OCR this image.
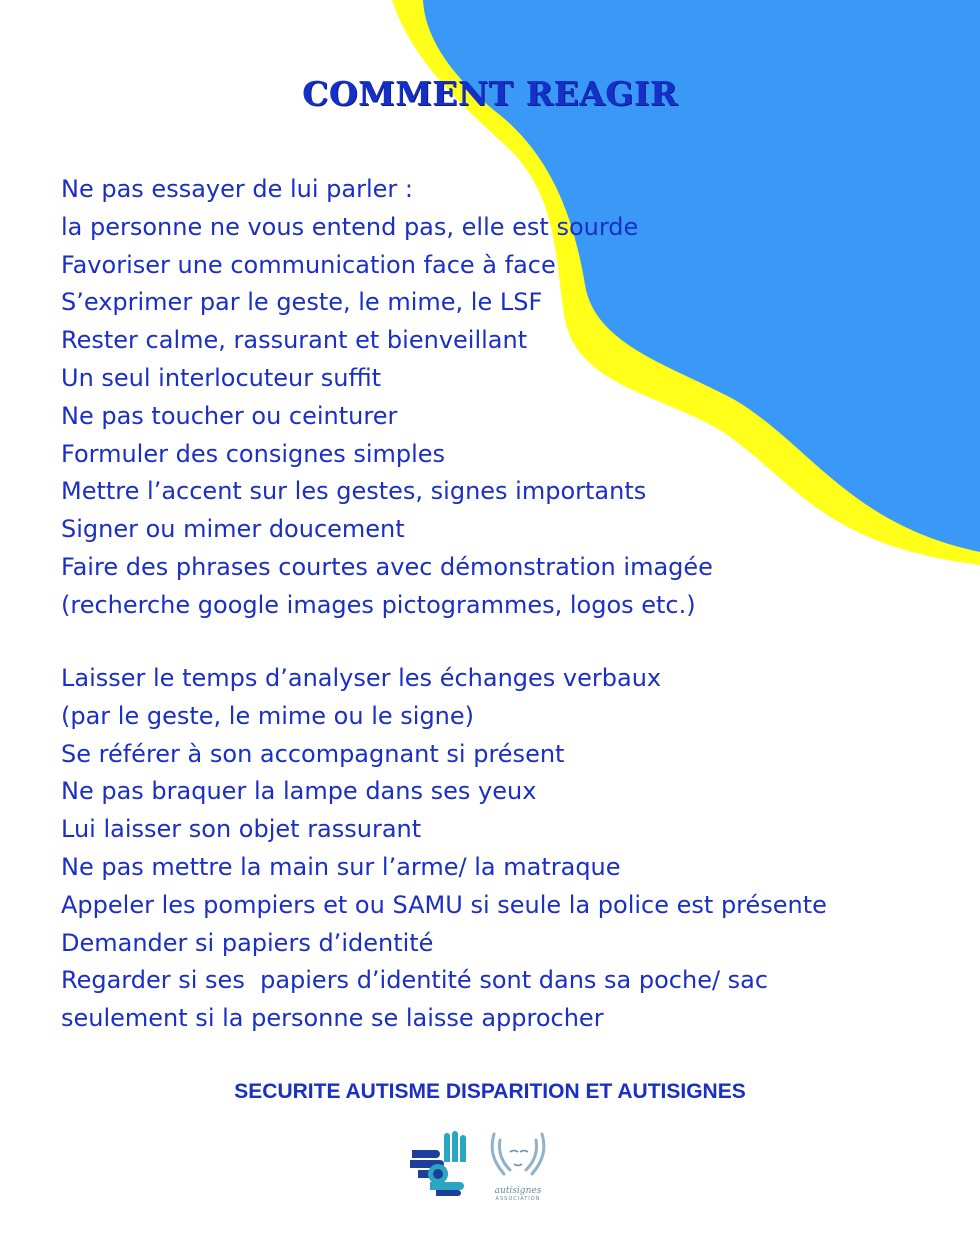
COMMENT REAGIR
Ne pas essayer de lui parler :
la personne ne vous entend pas, elle est sourde
Favoriser une communication face à face
S’exprimer par le geste, le mime, le LSF
Rester calme, rassurant et bienveillant
Un seul interlocuteur suffit
Ne pas toucher ou ceinturer
Formuler des consignes simples
Mettre l’accent sur les gestes, signes importants
Signer ou mimer doucement
Faire des phrases courtes avec démonstration imagée
(recherche google images pictogrammes, logos etc.)
Laisser le temps d’analyser les échanges verbaux
(par le geste, le mime ou le signe)
Se référer à son accompagnant si présent
Ne pas braquer la lampe dans ses yeux
Lui laisser son objet rassurant
Ne pas mettre la main sur l’arme/ la matraque
Appeler les pompiers et ou SAMU si seule la police est présente
Demander si papiers d’identité
Regarder si ses  papiers d’identité sont dans sa poche/ sac
seulement si la personne se laisse approcher
SECURITE AUTISME DISPARITION ET AUTISIGNES
autisignes
ASSOCIATION
